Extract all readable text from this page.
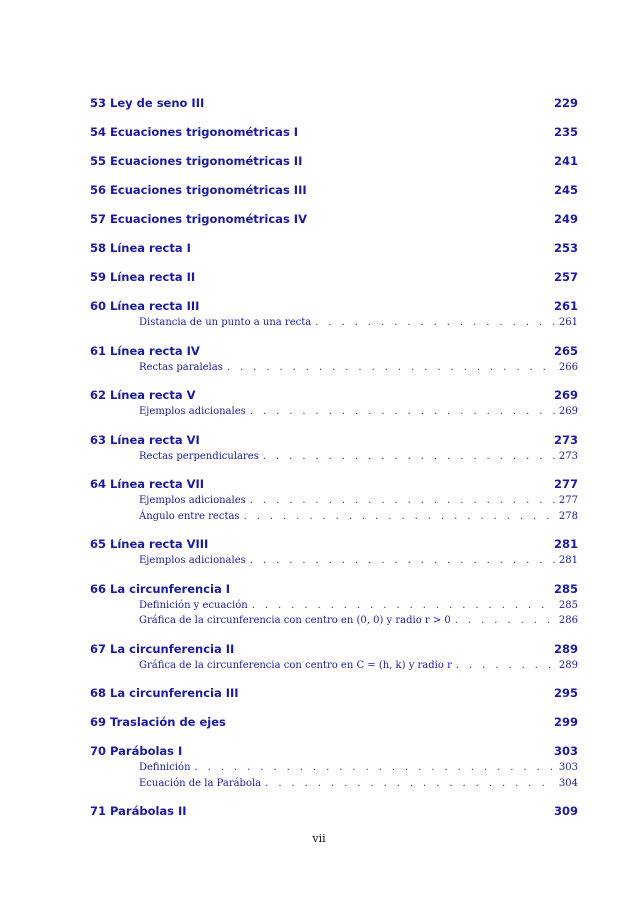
53 Ley de seno III	229
54 Ecuaciones trigonométricas I	235
55 Ecuaciones trigonométricas II	241
56 Ecuaciones trigonométricas III	245
57 Ecuaciones trigonométricas IV	249
58 Línea recta I	253
59 Línea recta II	257
60 Línea recta III	261
Distancia de un punto a una recta . . .	261
61 Línea recta IV	265
Rectas paralelas . . .	266
62 Línea recta V	269
Ejemplos adicionales . . .	269
63 Línea recta VI	273
Rectas perpendiculares . . .	273
64 Línea recta VII	277
Ejemplos adicionales . . .	277
Ángulo entre rectas . . .	278
65 Línea recta VIII	281
Ejemplos adicionales . . .	281
66 La circunferencia I	285
Definición y ecuación . . .	285
Gráfica de la circunferencia con centro en (0, 0) y radio r > 0 . . .	286
67 La circunferencia II	289
Gráfica de la circunferencia con centro en C = (h, k) y radio r . . .	289
68 La circunferencia III	295
69 Traslación de ejes	299
70 Parábolas I	303
Definición . . .	303
Ecuación de la Parábola . . .	304
71 Parábolas II	309
vii
